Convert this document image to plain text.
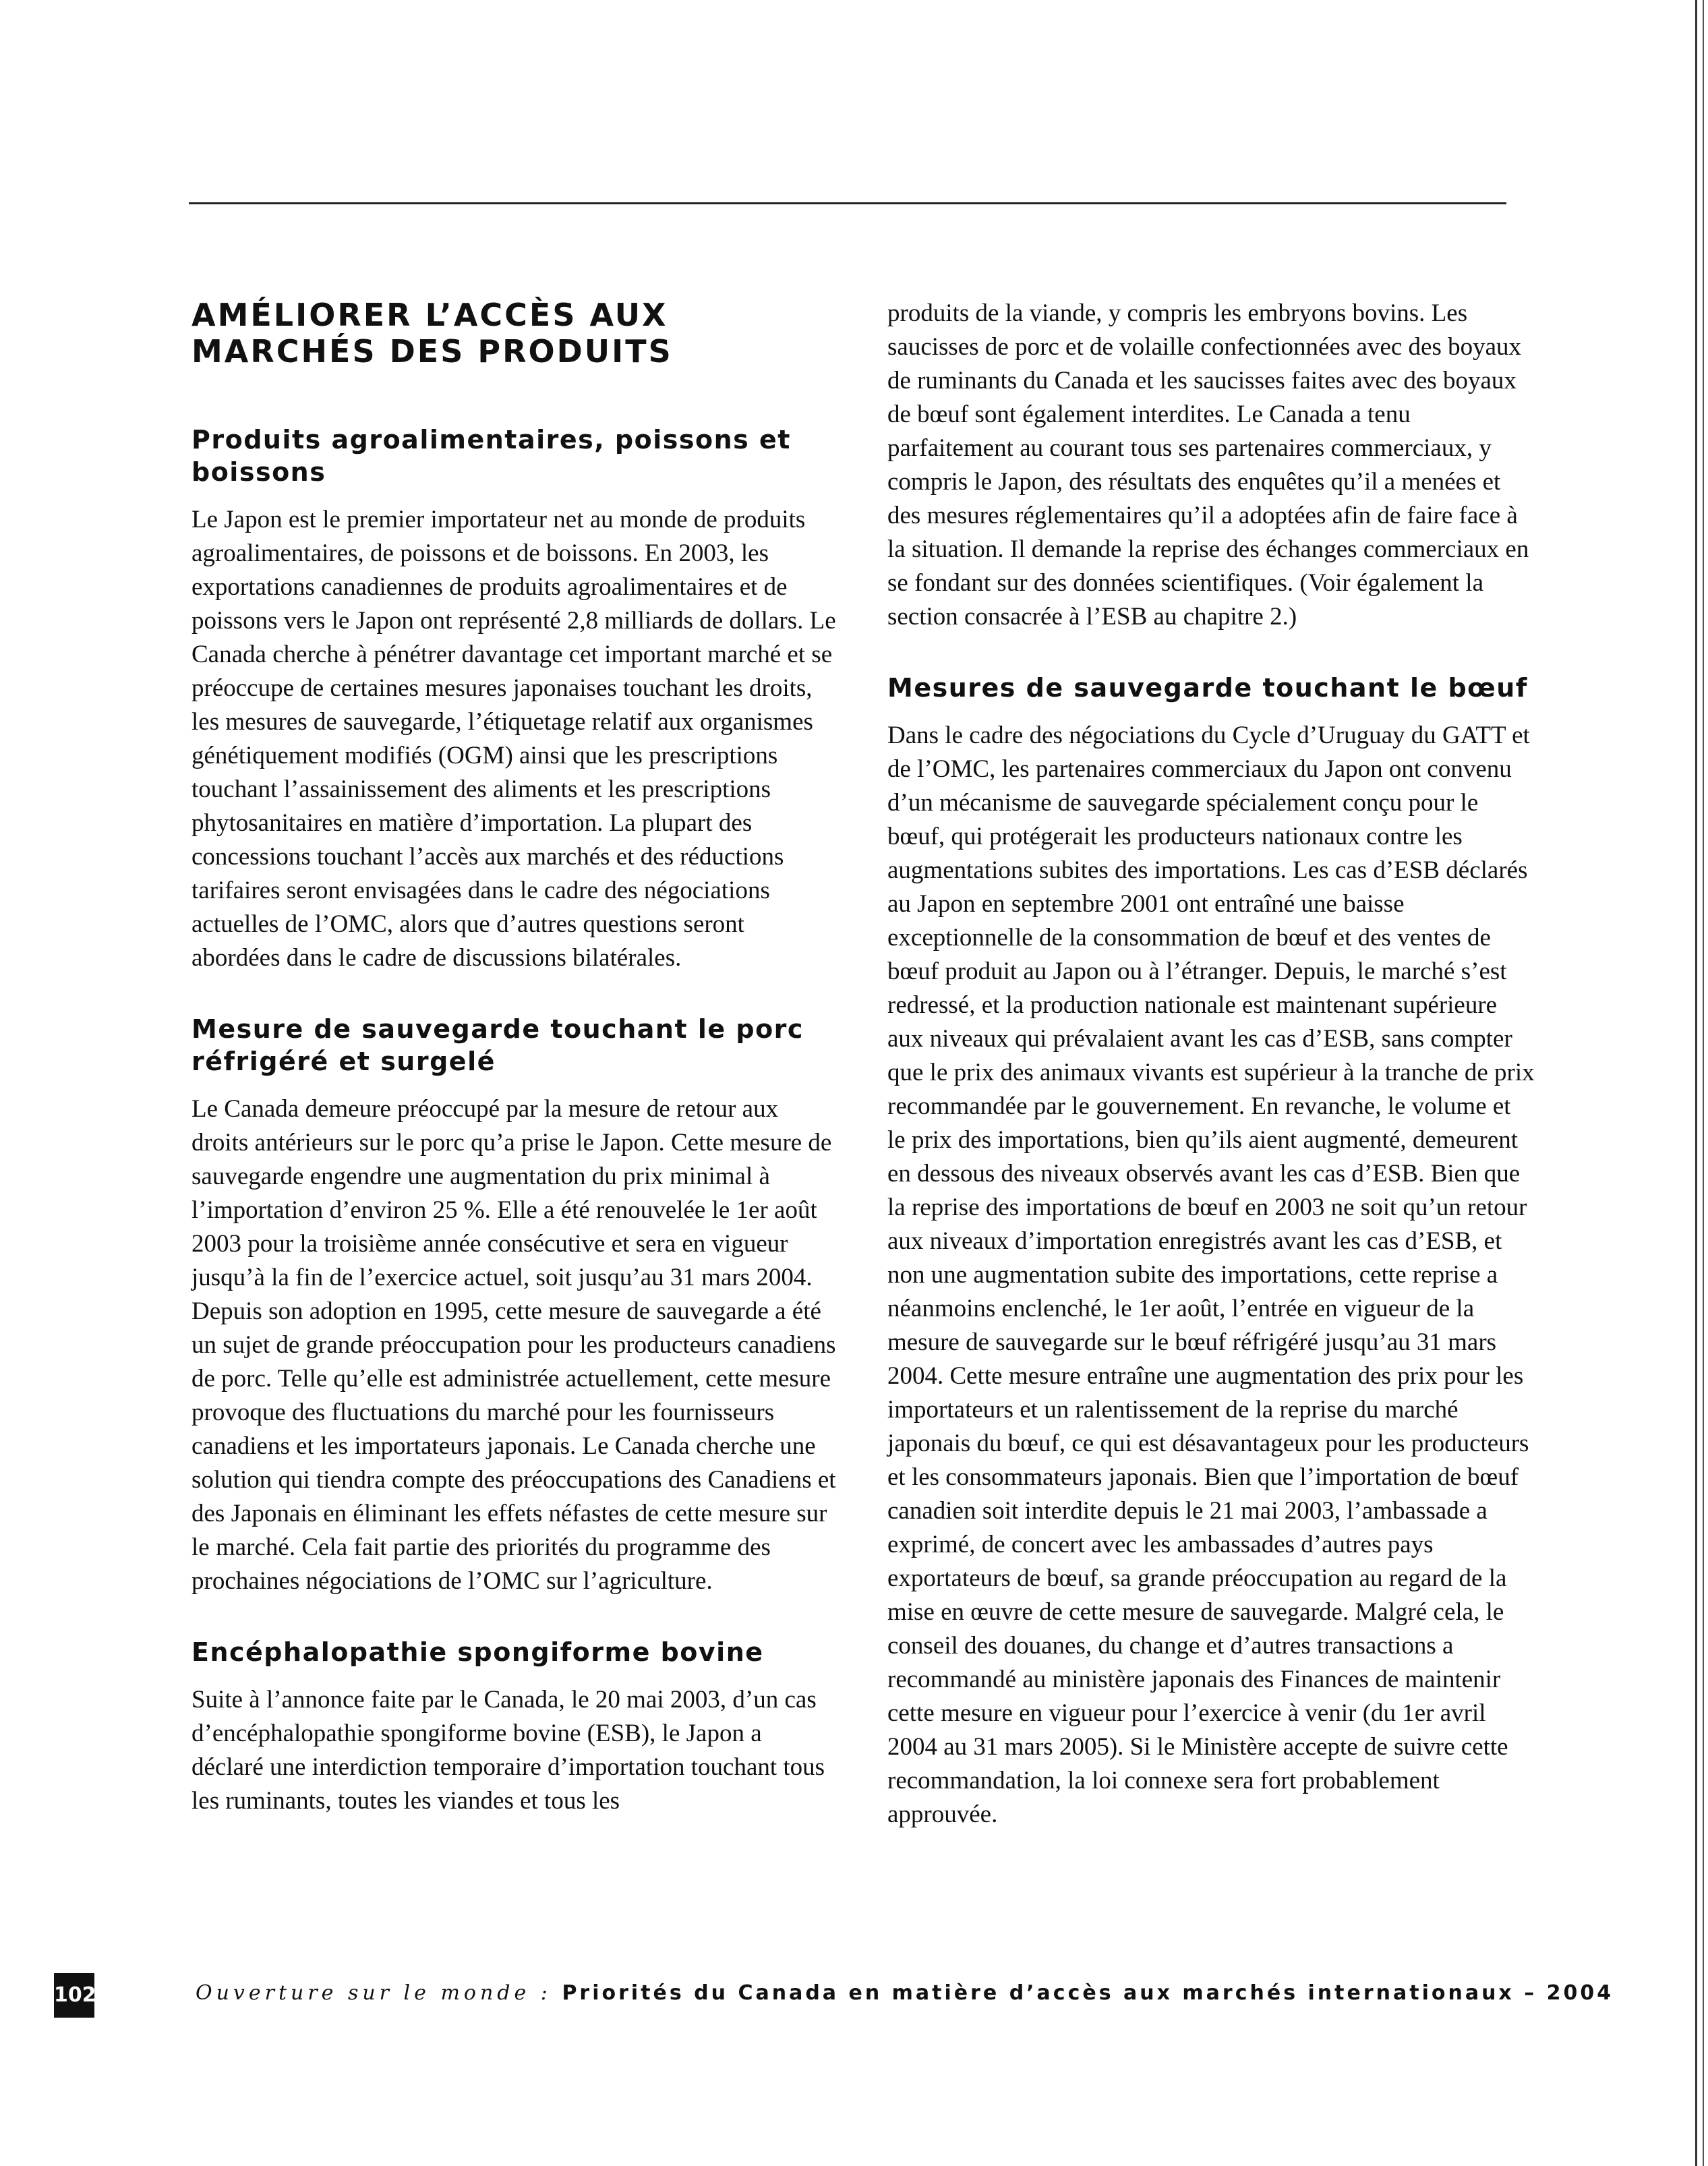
AMÉLIORER L’ACCÈS AUX MARCHÉS DES PRODUITS
Produits agroalimentaires, poissons et boissons

Le Japon est le premier importateur net au monde de produits agroalimentaires, de poissons et de boissons. En 2003, les exportations canadiennes de produits agroalimentaires et de poissons vers le Japon ont représenté 2,8 milliards de dollars. Le Canada cherche à pénétrer davantage cet important marché et se préoccupe de certaines mesures japonaises touchant les droits, les mesures de sauvegarde, l’étiquetage relatif aux organismes génétiquement modifiés (OGM) ainsi que les prescriptions touchant l’assainissement des aliments et les prescriptions phytosanitaires en matière d’importation. La plupart des concessions touchant l’accès aux marchés et des réductions tarifaires seront envisagées dans le cadre des négociations actuelles de l’OMC, alors que d’autres questions seront abordées dans le cadre de discussions bilatérales.

Mesure de sauvegarde touchant le porc réfrigéré et surgelé

Le Canada demeure préoccupé par la mesure de retour aux droits antérieurs sur le porc qu’a prise le Japon. Cette mesure de sauvegarde engendre une augmentation du prix minimal à l’importation d’environ 25 %. Elle a été renouvelée le 1er août 2003 pour la troisième année consécutive et sera en vigueur jusqu’à la fin de l’exercice actuel, soit jusqu’au 31 mars 2004. Depuis son adoption en 1995, cette mesure de sauvegarde a été un sujet de grande préoccupation pour les producteurs canadiens de porc. Telle qu’elle est administrée actuellement, cette mesure provoque des fluctuations du marché pour les fournisseurs canadiens et les importateurs japonais. Le Canada cherche une solution qui tiendra compte des préoccupations des Canadiens et des Japonais en éliminant les effets néfastes de cette mesure sur le marché. Cela fait partie des priorités du programme des prochaines négociations de l’OMC sur l’agriculture.

Encéphalopathie spongiforme bovine

Suite à l’annonce faite par le Canada, le 20 mai 2003, d’un cas d’encéphalopathie spongiforme bovine (ESB), le Japon a déclaré une interdiction temporaire d’importation touchant tous les ruminants, toutes les viandes et tous les

produits de la viande, y compris les embryons bovins. Les saucisses de porc et de volaille confectionnées avec des boyaux de ruminants du Canada et les saucisses faites avec des boyaux de bœuf sont également interdites. Le Canada a tenu parfaitement au courant tous ses partenaires commerciaux, y compris le Japon, des résultats des enquêtes qu’il a menées et des mesures réglementaires qu’il a adoptées afin de faire face à la situation. Il demande la reprise des échanges commerciaux en se fondant sur des données scientifiques. (Voir également la section consacrée à l’ESB au chapitre 2.)

Mesures de sauvegarde touchant le bœuf

Dans le cadre des négociations du Cycle d’Uruguay du GATT et de l’OMC, les partenaires commerciaux du Japon ont convenu d’un mécanisme de sauvegarde spécialement conçu pour le bœuf, qui protégerait les producteurs nationaux contre les augmentations subites des importations. Les cas d’ESB déclarés au Japon en septembre 2001 ont entraîné une baisse exceptionnelle de la consommation de bœuf et des ventes de bœuf produit au Japon ou à l’étranger. Depuis, le marché s’est redressé, et la production nationale est maintenant supérieure aux niveaux qui prévalaient avant les cas d’ESB, sans compter que le prix des animaux vivants est supérieur à la tranche de prix recommandée par le gouvernement. En revanche, le volume et le prix des importations, bien qu’ils aient augmenté, demeurent en dessous des niveaux observés avant les cas d’ESB. Bien que la reprise des importations de bœuf en 2003 ne soit qu’un retour aux niveaux d’importation enregistrés avant les cas d’ESB, et non une augmentation subite des importations, cette reprise a néanmoins enclenché, le 1er août, l’entrée en vigueur de la mesure de sauvegarde sur le bœuf réfrigéré jusqu’au 31 mars 2004. Cette mesure entraîne une augmentation des prix pour les importateurs et un ralentissement de la reprise du marché japonais du bœuf, ce qui est désavantageux pour les producteurs et les consommateurs japonais. Bien que l’importation de bœuf canadien soit interdite depuis le 21 mai 2003, l’ambassade a exprimé, de concert avec les ambassades d’autres pays exportateurs de bœuf, sa grande préoccupation au regard de la mise en œuvre de cette mesure de sauvegarde. Malgré cela, le conseil des douanes, du change et d’autres transactions a recommandé au ministère japonais des Finances de maintenir cette mesure en vigueur pour l’exercice à venir (du 1er avril 2004 au 31 mars 2005). Si le Ministère accepte de suivre cette recommandation, la loi connexe sera fort probablement approuvée.

102	Ouverture sur le monde : Priorités du Canada en matière d’accès aux marchés internationaux – 2004
